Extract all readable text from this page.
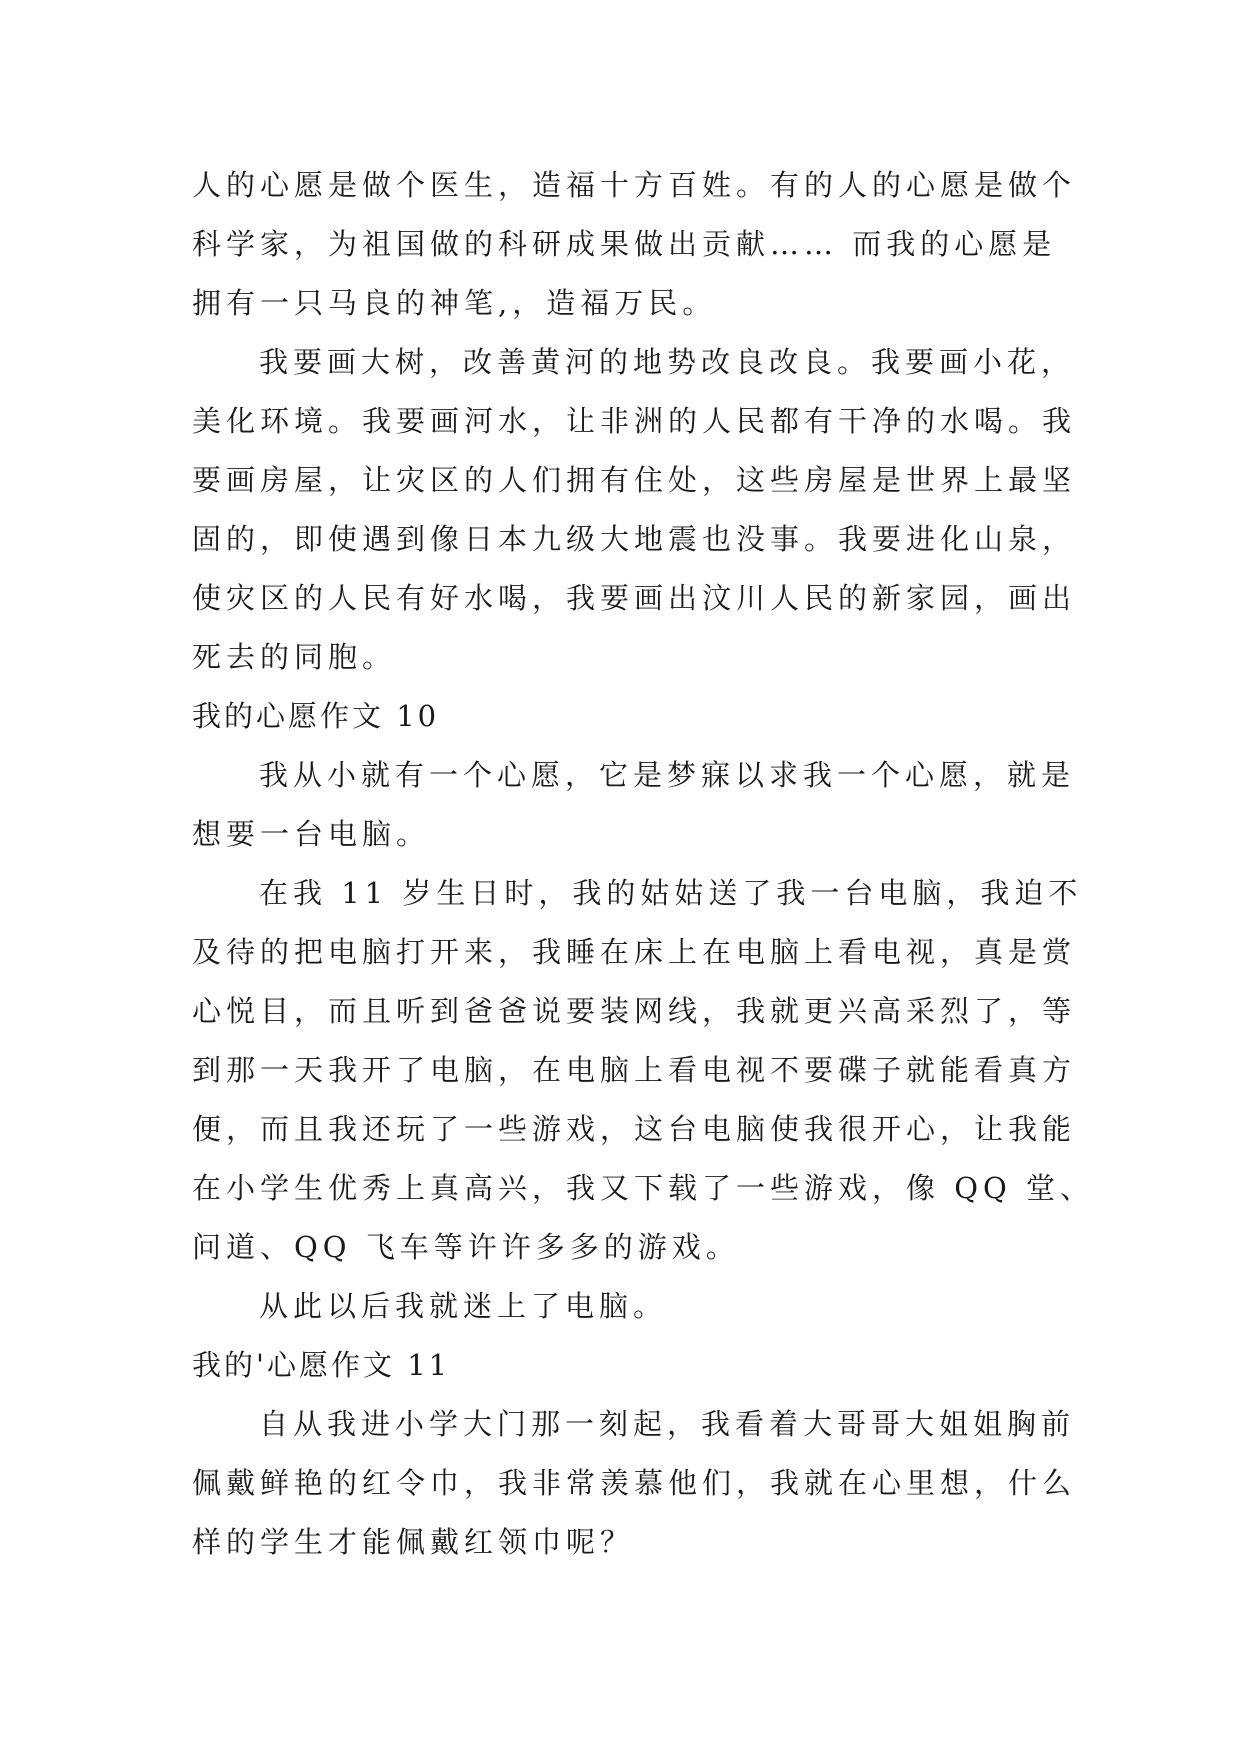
人的心愿是做个医生，造福十方百姓。有的人的心愿是做个
科学家，为祖国做的科研成果做出贡献…… 而我的心愿是
拥有一只马良的神笔,，造福万民。
我要画大树，改善黄河的地势改良改良。我要画小花，
美化环境。我要画河水，让非洲的人民都有干净的水喝。我
要画房屋，让灾区的人们拥有住处，这些房屋是世界上最坚
固的，即使遇到像日本九级大地震也没事。我要进化山泉，
使灾区的人民有好水喝，我要画出汶川人民的新家园，画出
死去的同胞。
我的心愿作文 10
我从小就有一个心愿，它是梦寐以求我一个心愿，就是
想要一台电脑。
在我 11 岁生日时，我的姑姑送了我一台电脑，我迫不
及待的把电脑打开来，我睡在床上在电脑上看电视，真是赏
心悦目，而且听到爸爸说要装网线，我就更兴高采烈了，等
到那一天我开了电脑，在电脑上看电视不要碟子就能看真方
便，而且我还玩了一些游戏，这台电脑使我很开心，让我能
在小学生优秀上真高兴，我又下载了一些游戏，像 QQ 堂、
问道、QQ 飞车等许许多多的游戏。
从此以后我就迷上了电脑。
我的'心愿作文 11
自从我进小学大门那一刻起，我看着大哥哥大姐姐胸前
佩戴鲜艳的红令巾，我非常羡慕他们，我就在心里想，什么
样的学生才能佩戴红领巾呢？
